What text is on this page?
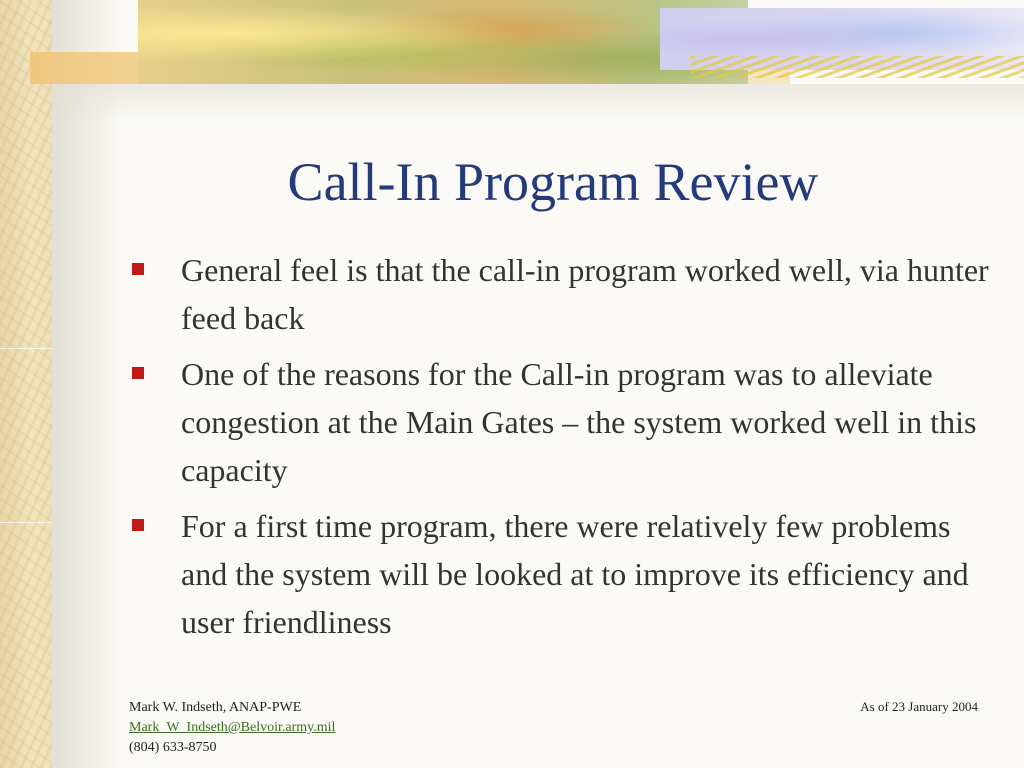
Call-In Program Review
General feel is that the call-in program worked well, via hunter feed back
One of the reasons for the Call-in program was to alleviate congestion at the Main Gates – the system worked well in this capacity
For a first time program, there were relatively few problems and the system will be looked at to improve its efficiency and user friendliness
Mark W. Indseth, ANAP-PWE
Mark_W_Indseth@Belvoir.army.mil
(804) 633-8750
As of 23 January 2004
